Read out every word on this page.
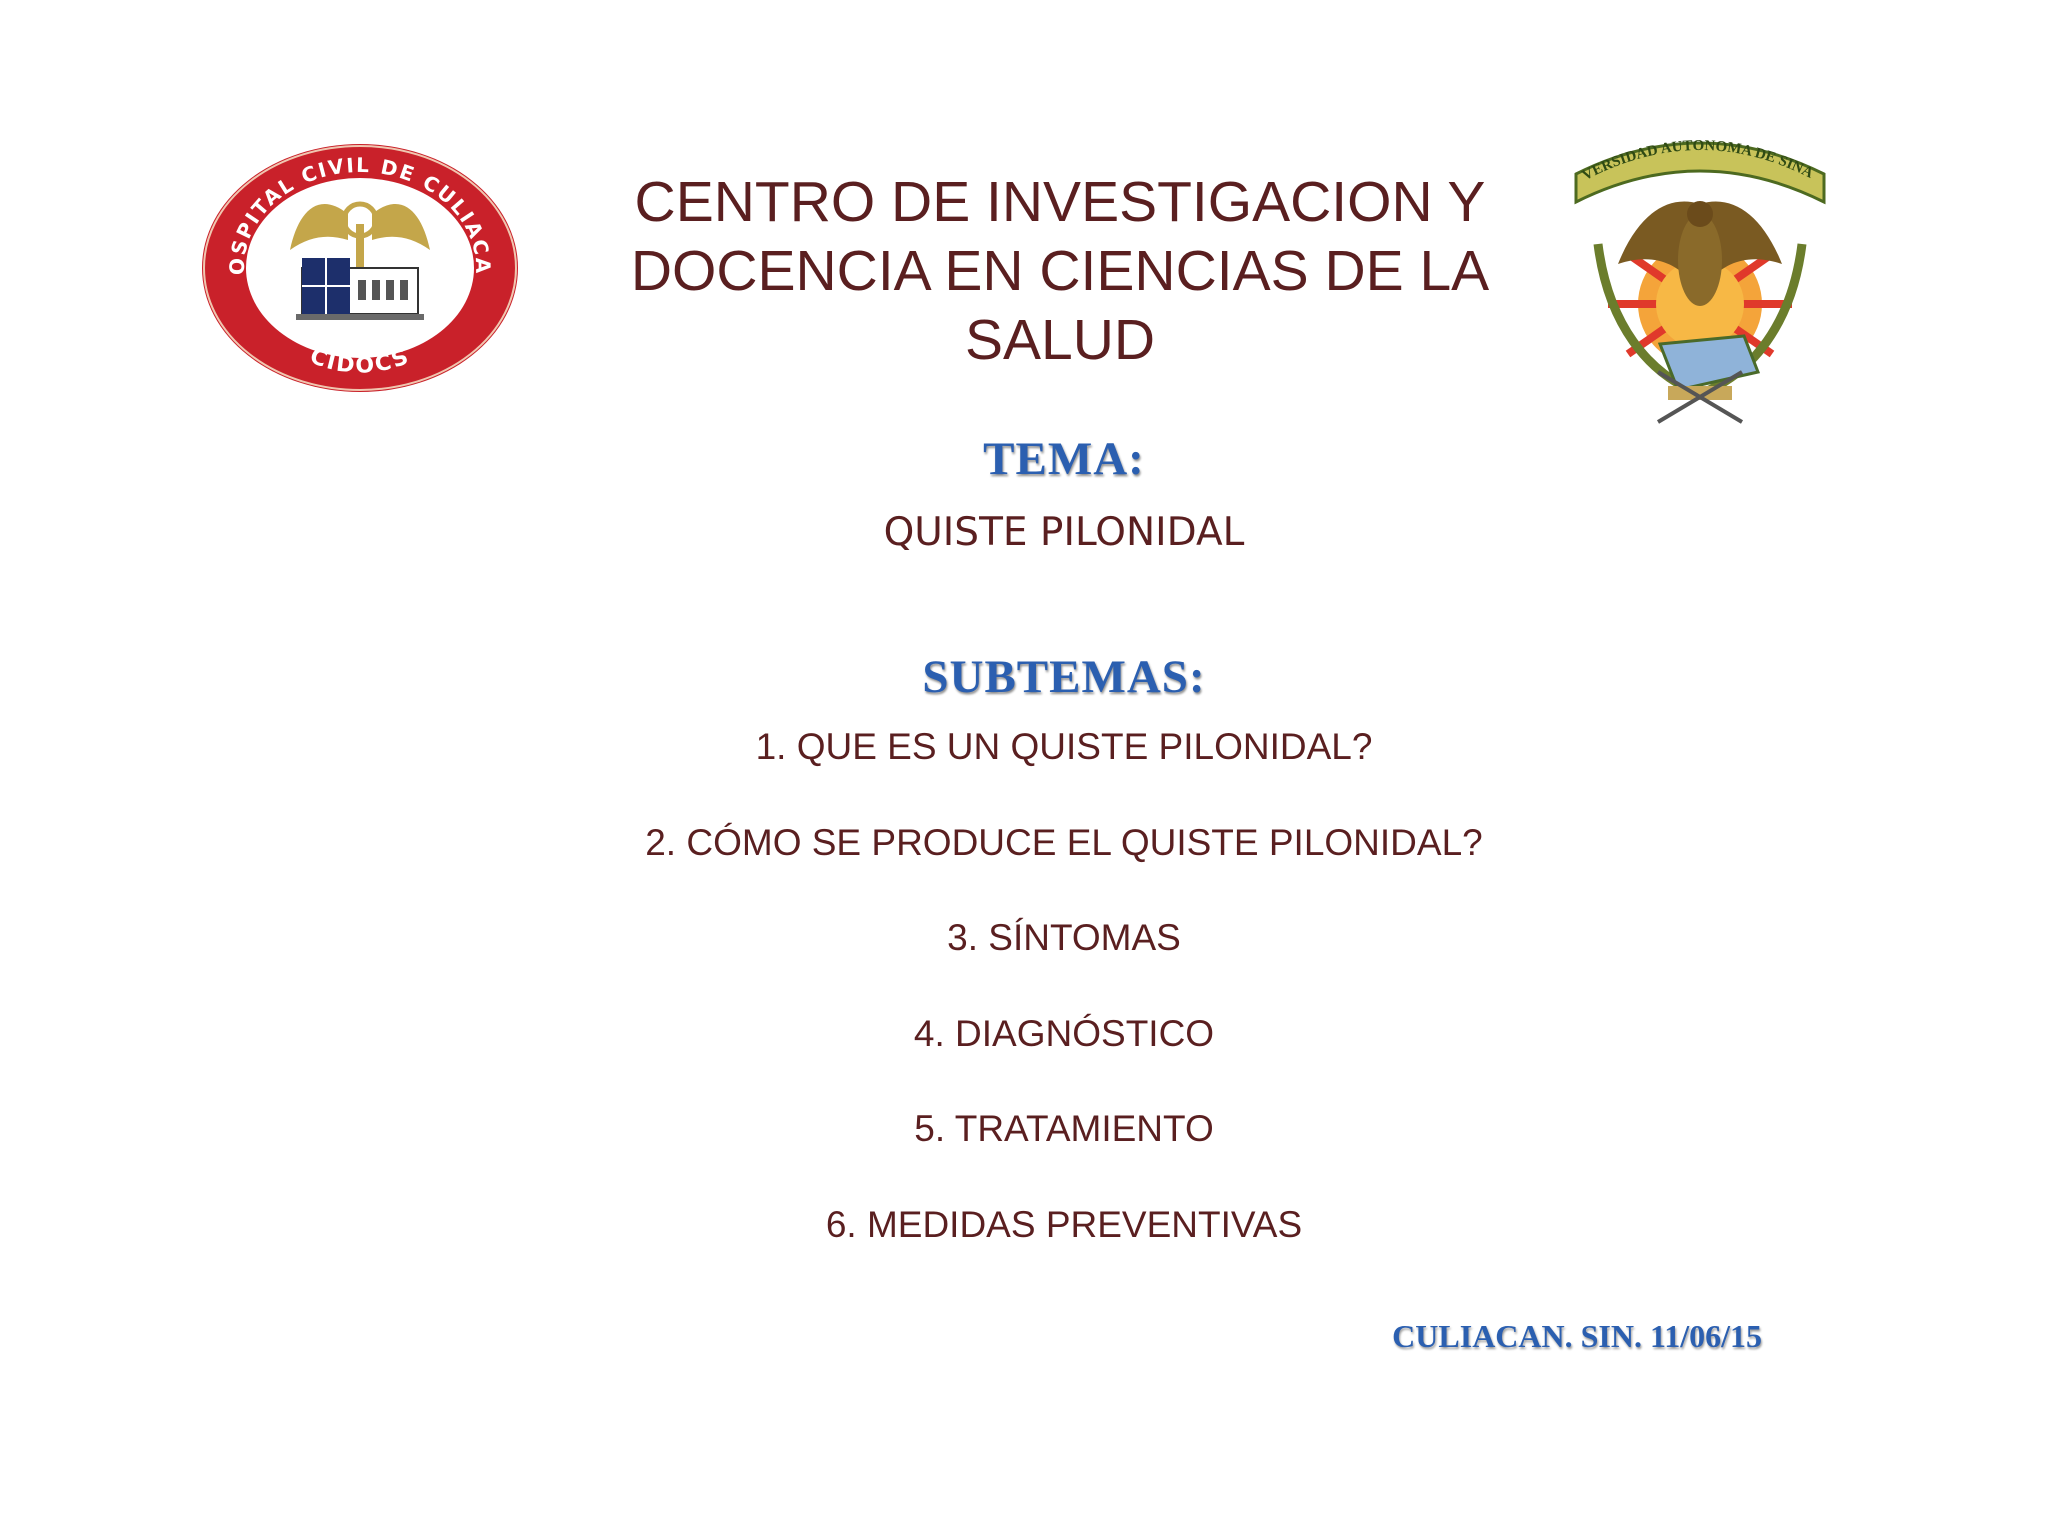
OSPITAL CIVIL DE CULIACA
CIDOCS
CENTRO DE INVESTIGACION Y
DOCENCIA EN CIENCIAS DE LA
SALUD
VERSIDAD AUTONOMA DE SINA
TEMA:
QUISTE PILONIDAL
SUBTEMAS:
1. QUE ES UN QUISTE PILONIDAL?
2. CÓMO SE PRODUCE EL QUISTE PILONIDAL?
3. SÍNTOMAS
4. DIAGNÓSTICO
5. TRATAMIENTO
6. MEDIDAS PREVENTIVAS
CULIACAN. SIN. 11/06/15
